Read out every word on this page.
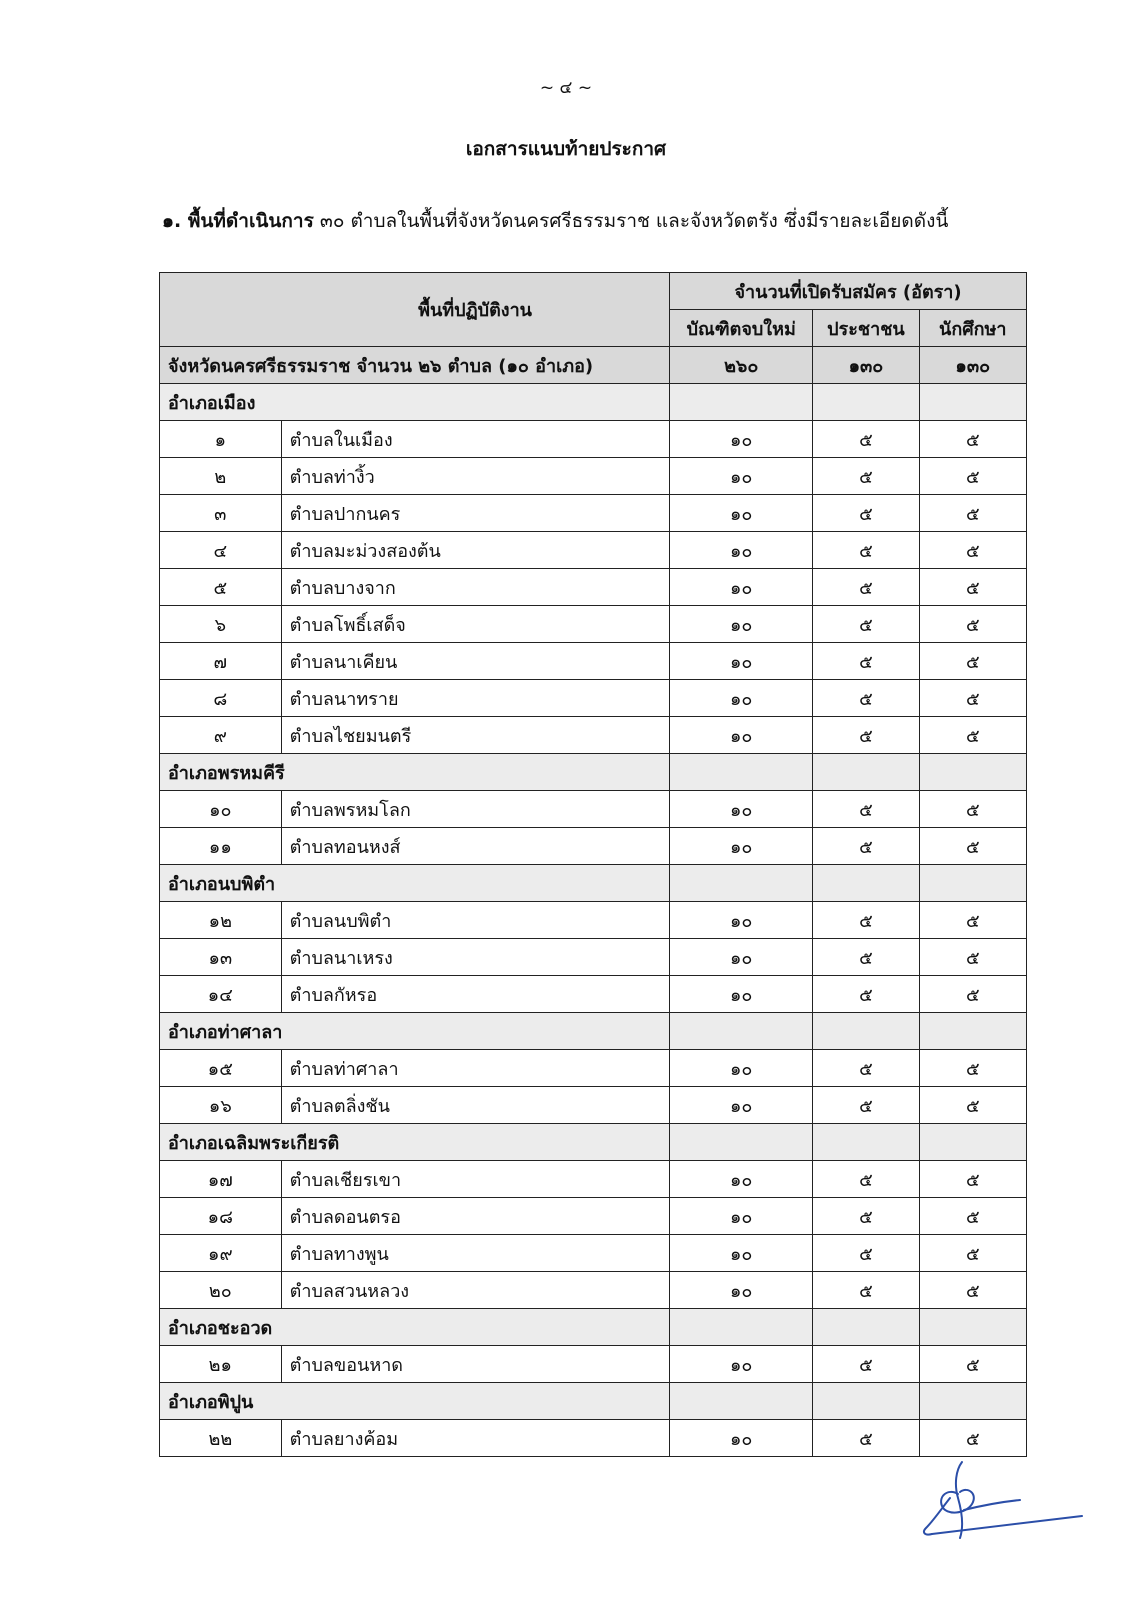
~ ๔ ~
เอกสารแนบท้ายประกาศ
๑. พื้นที่ดำเนินการ ๓๐ ตำบลในพื้นที่จังหวัดนครศรีธรรมราช และจังหวัดตรัง ซึ่งมีรายละเอียดดังนี้
พื้นที่ปฏิบัติงาน		จำนวนที่เปิดรับสมัคร (อัตรา)		
		บัณฑิตจบใหม่	ประชาชน	นักศึกษา
จังหวัดนครศรีธรรมราช จำนวน ๒๖ ตำบล (๑๐ อำเภอ)		๒๖๐	๑๓๐	๑๓๐
อำเภอเมือง				
๑	ตำบลในเมือง	๑๐	๕	๕
๒	ตำบลท่างิ้ว	๑๐	๕	๕
๓	ตำบลปากนคร	๑๐	๕	๕
๔	ตำบลมะม่วงสองต้น	๑๐	๕	๕
๕	ตำบลบางจาก	๑๐	๕	๕
๖	ตำบลโพธิ์เสด็จ	๑๐	๕	๕
๗	ตำบลนาเคียน	๑๐	๕	๕
๘	ตำบลนาทราย	๑๐	๕	๕
๙	ตำบลไชยมนตรี	๑๐	๕	๕
อำเภอพรหมคีรี				
๑๐	ตำบลพรหมโลก	๑๐	๕	๕
๑๑	ตำบลทอนหงส์	๑๐	๕	๕
อำเภอนบพิตำ				
๑๒	ตำบลนบพิตำ	๑๐	๕	๕
๑๓	ตำบลนาเหรง	๑๐	๕	๕
๑๔	ตำบลกัหรอ	๑๐	๕	๕
อำเภอท่าศาลา				
๑๕	ตำบลท่าศาลา	๑๐	๕	๕
๑๖	ตำบลตลิ่งชัน	๑๐	๕	๕
อำเภอเฉลิมพระเกียรติ				
๑๗	ตำบลเชียรเขา	๑๐	๕	๕
๑๘	ตำบลดอนตรอ	๑๐	๕	๕
๑๙	ตำบลทางพูน	๑๐	๕	๕
๒๐	ตำบลสวนหลวง	๑๐	๕	๕
อำเภอชะอวด				
๒๑	ตำบลขอนหาด	๑๐	๕	๕
อำเภอพิปูน				
๒๒	ตำบลยางค้อม	๑๐	๕	๕
